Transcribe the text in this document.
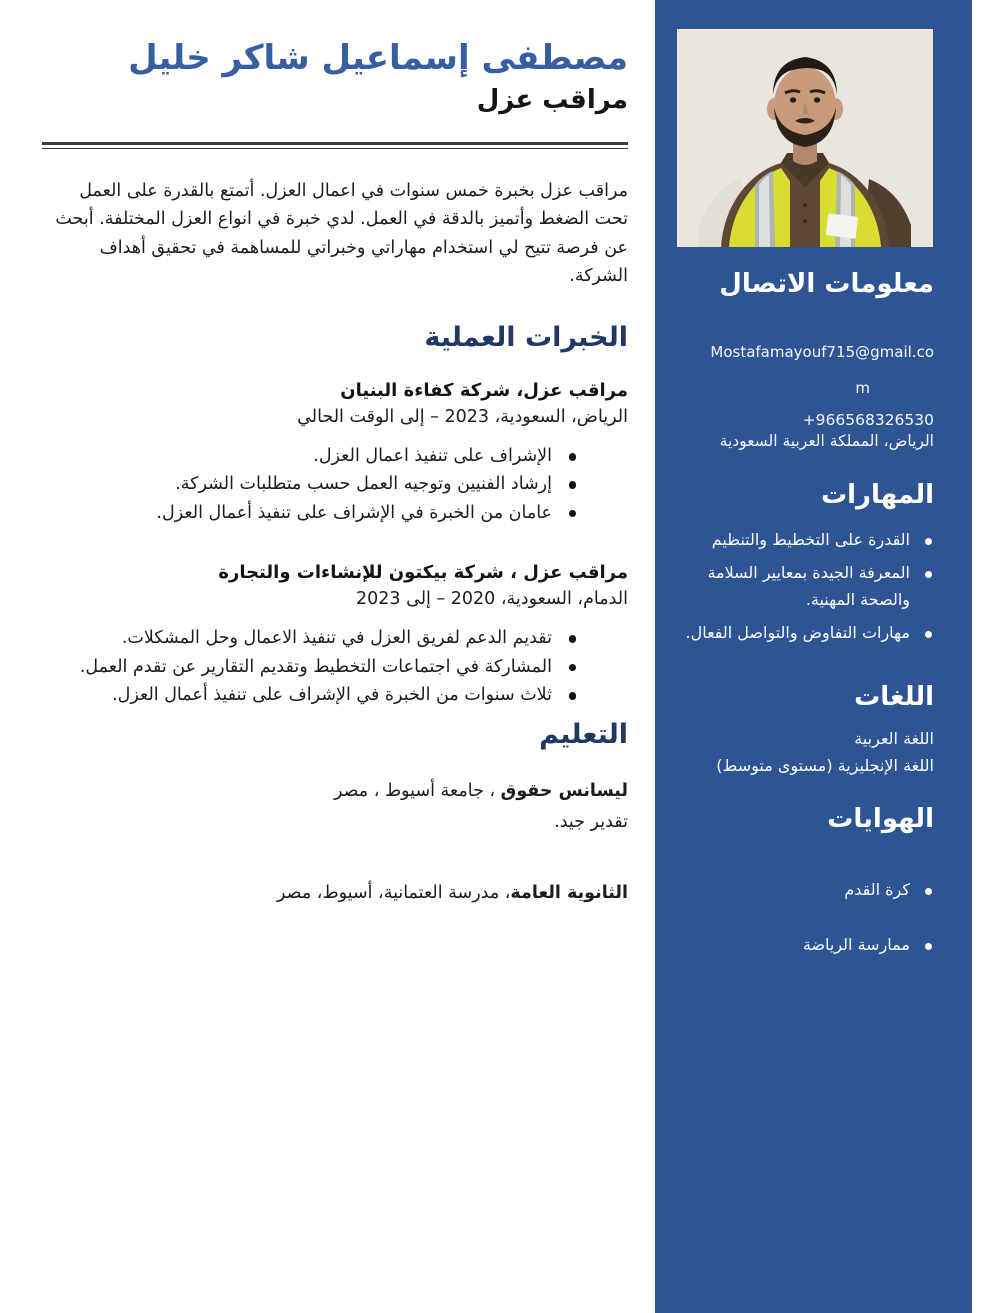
مصطفى إسماعيل شاكر خليل
مراقب عزل

مراقب عزل بخبرة خمس سنوات في اعمال العزل. أتمتع بالقدرة على العمل تحت الضغط وأتميز بالدقة في العمل. لدي خبرة في انواع العزل المختلفة. أبحث عن فرصة تتيح لي استخدام مهاراتي وخبراتي للمساهمة في تحقيق أهداف الشركة.

الخبرات العملية
مراقب عزل، شركة كفاءة البنيان
الرياض، السعودية، 2023 – إلى الوقت الحالي
الإشراف على تنفيذ اعمال العزل.
إرشاد الفنيين وتوجيه العمل حسب متطلبات الشركة.
عامان من الخبرة في الإشراف على تنفيذ أعمال العزل.
مراقب عزل ، شركة بيكتون للإنشاءات والتجارة
الدمام، السعودية، 2020 – إلى 2023
تقديم الدعم لفريق العزل في تنفيذ الاعمال وحل المشكلات.
المشاركة في اجتماعات التخطيط وتقديم التقارير عن تقدم العمل.
ثلاث سنوات من الخبرة في الإشراف على تنفيذ أعمال العزل.
التعليم

ليسانس حقوق ، جامعة أسيوط ، مصر

تقدير جيد.

الثانوية العامة، مدرسة العتمانية، أسيوط، مصر

معلومات الاتصال
Mostafamayouf715@gmail.co
m
+966568326530
الرياض، المملكة العربية السعودية
المهارات
القدرة على التخطيط والتنظيم
المعرفة الجيدة بمعايير السلامة والصحة المهنية.
مهارات التفاوض والتواصل الفعال.
اللغات
اللغة العربية
اللغة الإنجليزية (مستوى متوسط)
الهوايات
كرة القدم
ممارسة الرياضة
